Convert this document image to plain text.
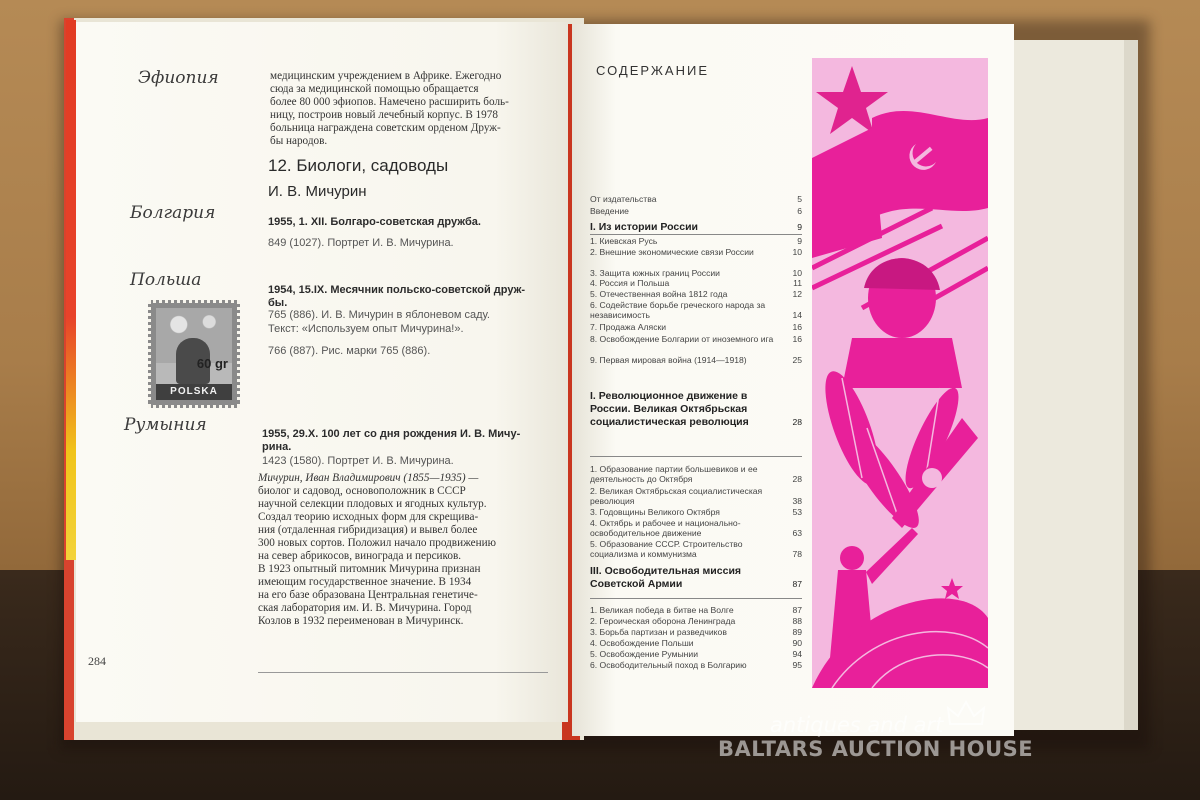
Эфиопия	медицинским учреждением в Африке. Ежегодно
сюда за медицинской помощью обращается
более 80 000 эфиопов. Намечено расширить боль-
ницу, построив новый лечебный корпус. В 1978
больница награждена советским орденом Друж-
бы народов.
12. Биологи, садоводы
И. В. Мичурин
Болгария	1955, 1. XII. Болгаро-советская дружба.
849 (1027). Портрет И. В. Мичурина.
Польша	1954, 15.IX. Месячник польско-советской друж-
бы.
765 (886). И. В. Мичурин в яблоневом саду.
Текст: «Используем опыт Мичурина!».
766 (887). Рис. марки 765 (886).
60 gr
POLSKA
Румыния	1955, 29.X. 100 лет со дня рождения И. В. Мичу-
рина.
1423 (1580). Портрет И. В. Мичурина.
Мичурин, Иван Владимирович (1855—1935) —
биолог и садовод, основоположник в СССР
научной селекции плодовых и ягодных культур.
Создал теорию исходных форм для скрещива-
ния (отдаленная гибридизация) и вывел более
300 новых сортов. Положил начало продвижению
на север абрикосов, винограда и персиков.
В 1923 опытный питомник Мичурина признан
имеющим государственное значение. В 1934
на его базе образована Центральная генетиче-
ская лаборатория им. И. В. Мичурина. Город
Козлов в 1932 переименован в Мичуринск.
284
СОДЕРЖАНИЕ
От издательства	5
Введение	6
I. Из истории России	9
1. Киевская Русь	9
2. Внешние экономические связи России	10
3. Защита южных границ России	10
4. Россия и Польша	11
5. Отечественная война 1812 года	12
6. Содействие борьбе греческого народа за независимость	14
7. Продажа Аляски	16
8. Освобождение Болгарии от иноземного ига	16
9. Первая мировая война (1914—1918)	25
I. Революционное движение в России. Великая Октябрьская социалистическая революция	28
1. Образование партии большевиков и ее деятельность до Октября	28
2. Великая Октябрьская социалистическая революция	38
3. Годовщины Великого Октября	53
4. Октябрь и рабочее и национально-освободительное движение	63
5. Образование СССР. Строительство социализма и коммунизма	78
III. Освободительная миссия Советской Армии	87
1. Великая победа в битве на Волге	87
2. Героическая оборона Ленинграда	88
3. Борьба партизан и разведчиков	89
4. Освобождение Польши	90
5. Освобождение Румынии	94
6. Освободительный поход в Болгарию	95
antiques and art
BALTARS AUCTION HOUSE
